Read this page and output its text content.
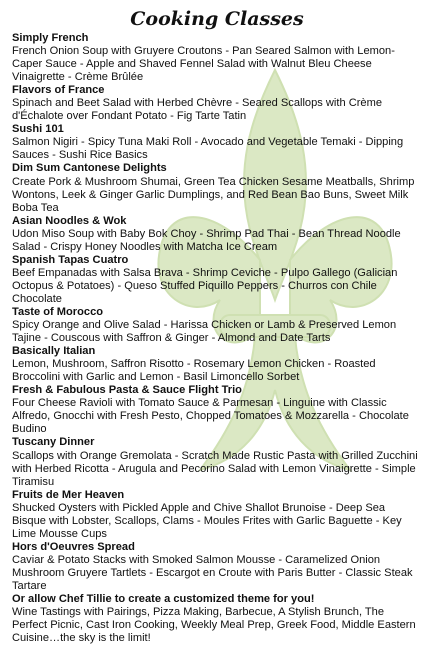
Cooking Classes
Simply French
French Onion Soup with Gruyere Croutons - Pan Seared Salmon with Lemon-Caper Sauce - Apple and Shaved Fennel Salad with Walnut Bleu Cheese Vinaigrette - Crème Brûlée
Flavors of France
Spinach and Beet Salad with Herbed Chèvre - Seared Scallops with Crème d'Échalote over Fondant Potato - Fig Tarte Tatin
Sushi 101
Salmon Nigiri - Spicy Tuna Maki Roll - Avocado and Vegetable Temaki - Dipping Sauces - Sushi Rice Basics
Dim Sum Cantonese Delights
Create Pork & Mushroom Shumai, Green Tea Chicken Sesame Meatballs, Shrimp Wontons, Leek & Ginger Garlic Dumplings, and Red Bean Bao Buns, Sweet Milk Boba Tea
Asian Noodles & Wok
Udon Miso Soup with Baby Bok Choy - Shrimp Pad Thai - Bean Thread Noodle Salad - Crispy Honey Noodles with Matcha Ice Cream
Spanish Tapas Cuatro
Beef Empanadas with Salsa Brava - Shrimp Ceviche - Pulpo Gallego (Galician Octopus & Potatoes) - Queso Stuffed Piquillo Peppers - Churros con Chile Chocolate
Taste of Morocco
Spicy Orange and Olive Salad - Harissa Chicken or Lamb & Preserved Lemon Tajine - Couscous with Saffron & Ginger - Almond and Date Tarts
Basically Italian
Lemon, Mushroom, Saffron Risotto - Rosemary Lemon Chicken - Roasted Broccolini with Garlic and Lemon - Basil Limoncello Sorbet
Fresh & Fabulous Pasta & Sauce Flight Trio
Four Cheese Ravioli with Tomato Sauce & Parmesan - Linguine with Classic Alfredo, Gnocchi with Fresh Pesto, Chopped Tomatoes & Mozzarella - Chocolate Budino
Tuscany Dinner
Scallops with Orange Gremolata - Scratch Made Rustic Pasta with Grilled Zucchini with Herbed Ricotta - Arugula and Pecorino Salad with Lemon Vinaigrette - Simple Tiramisu
Fruits de Mer Heaven
Shucked Oysters with Pickled Apple and Chive Shallot Brunoise - Deep Sea Bisque with Lobster, Scallops, Clams - Moules Frites with Garlic Baguette - Key Lime Mousse Cups
Hors d'Oeuvres Spread
Caviar & Potato Stacks with Smoked Salmon Mousse - Caramelized Onion Mushroom Gruyere Tartlets - Escargot en Croute with Paris Butter - Classic Steak Tartare
Or allow Chef Tillie to create a customized theme for you!
Wine Tastings with Pairings, Pizza Making, Barbecue, A Stylish Brunch, The Perfect Picnic, Cast Iron Cooking, Weekly Meal Prep, Greek Food, Middle Eastern Cuisine…the sky is the limit!
